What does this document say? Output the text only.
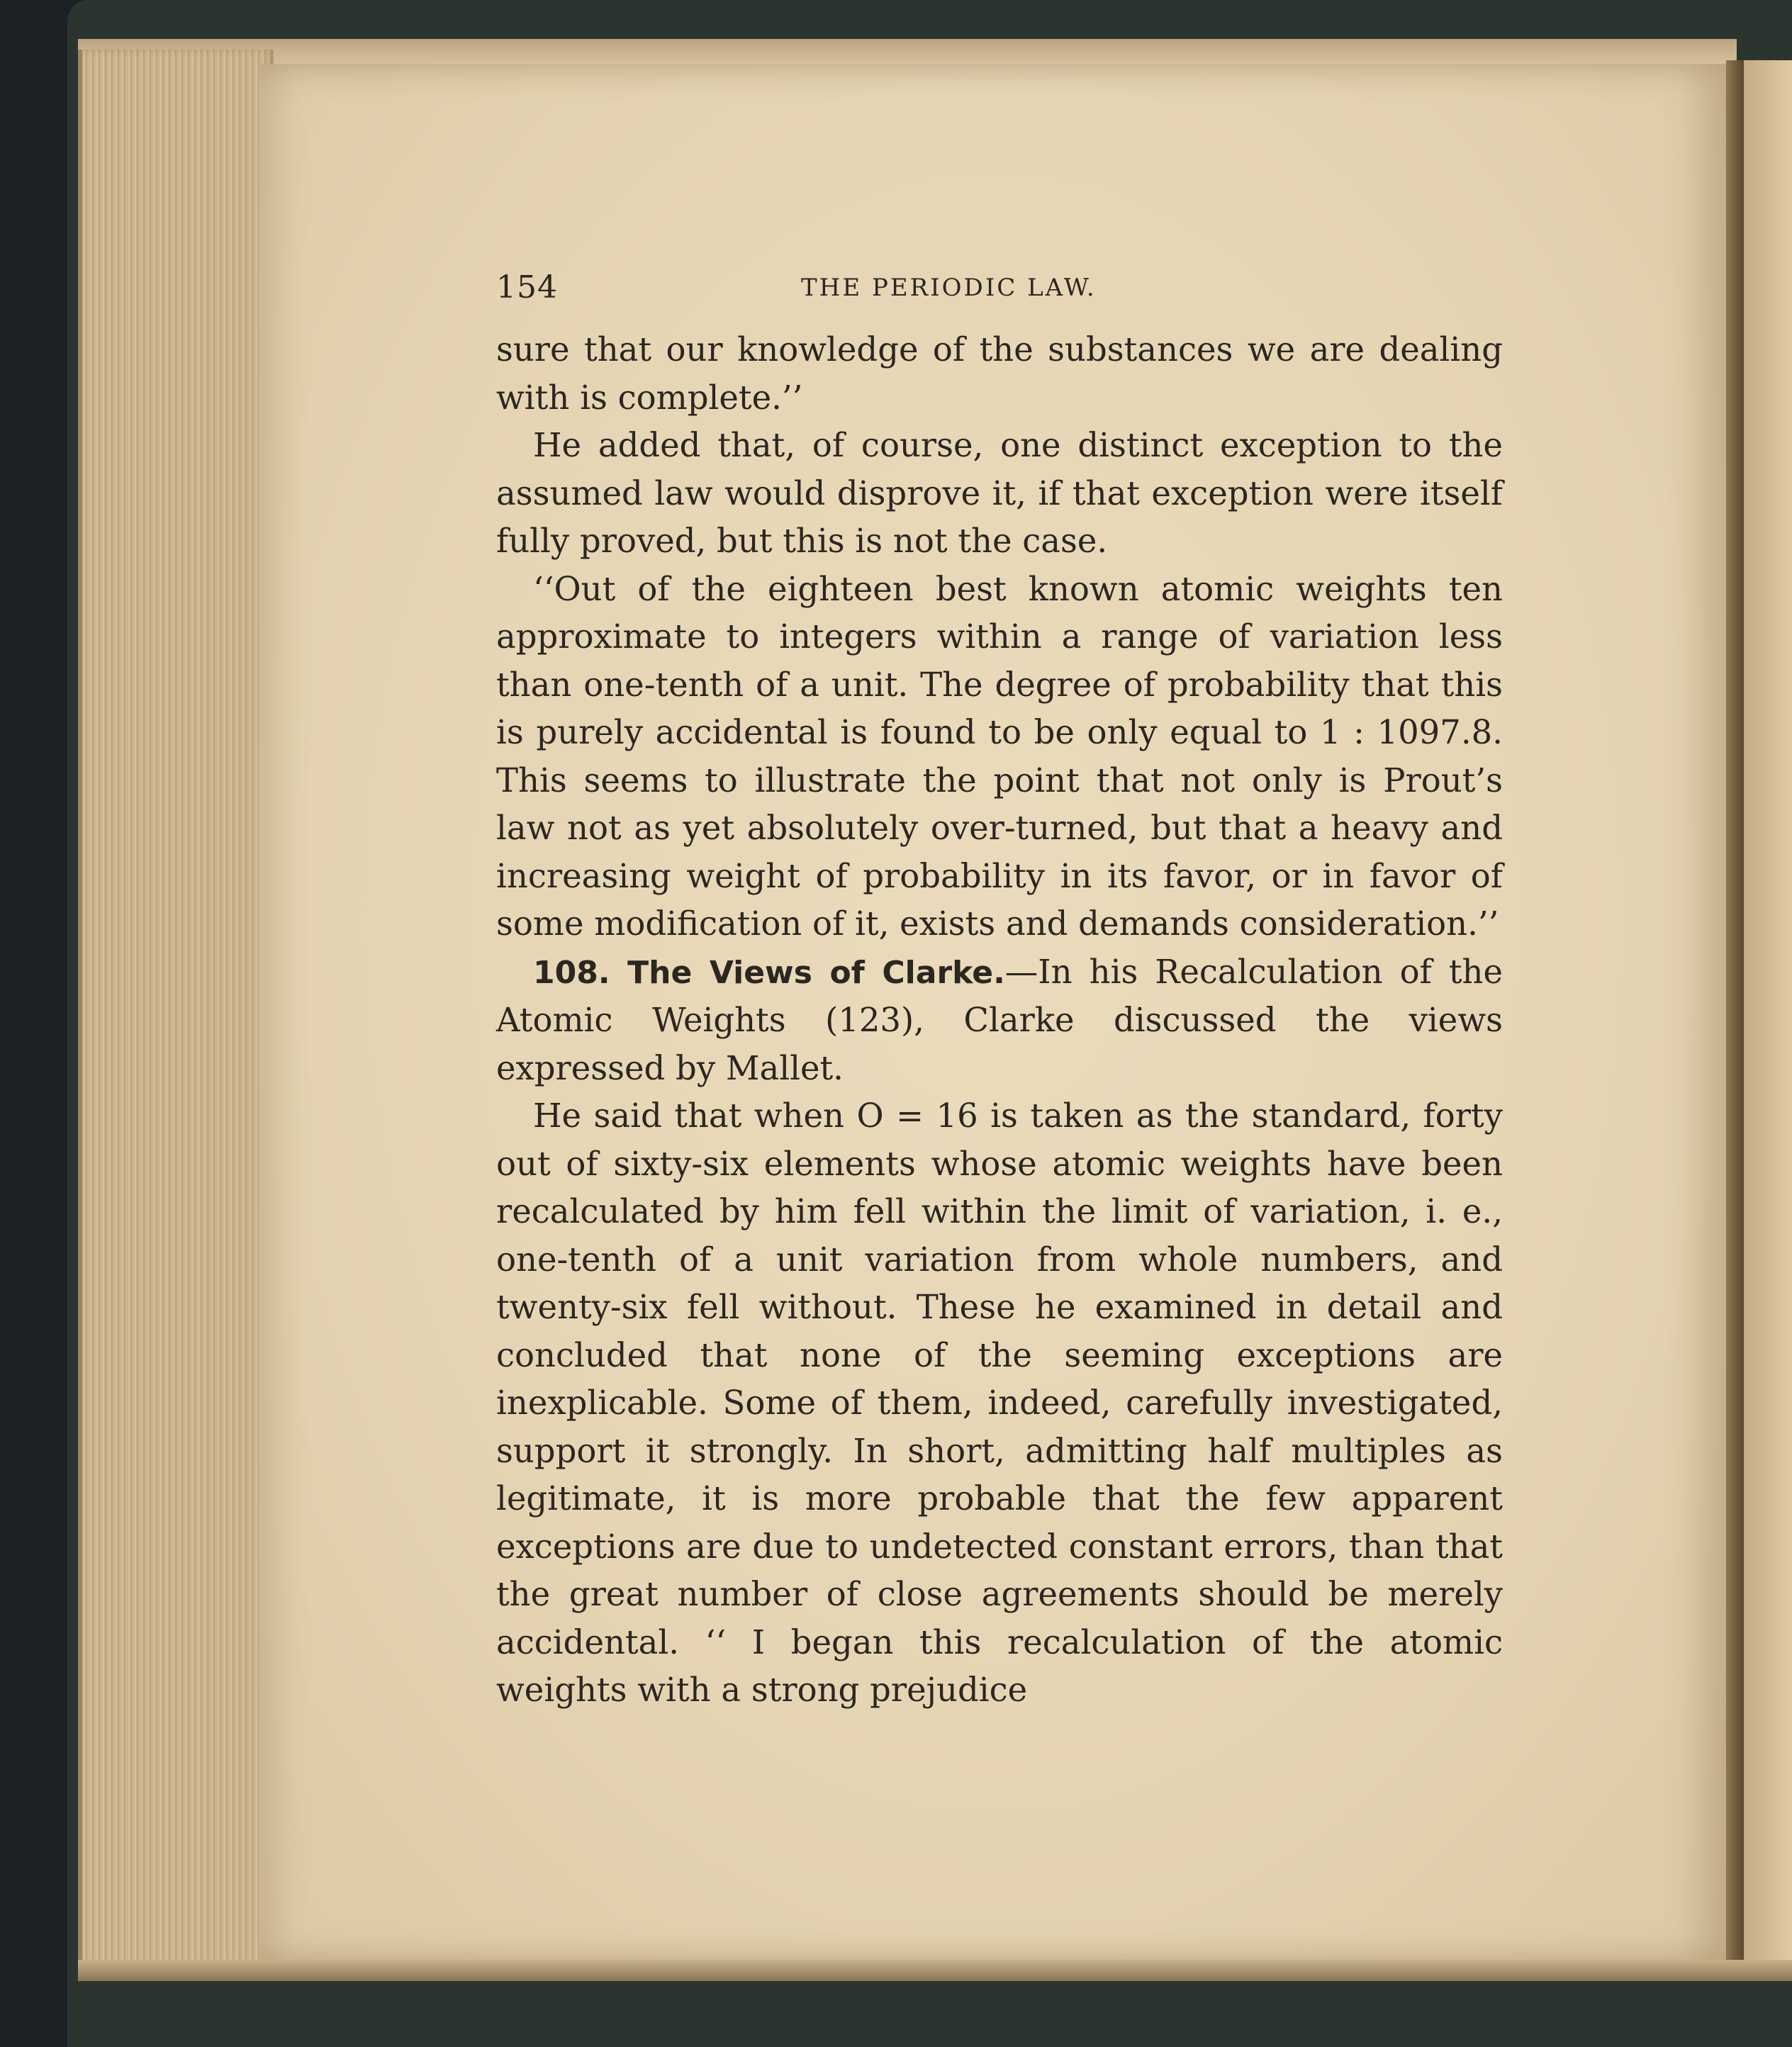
154	THE PERIODIC LAW.

sure that our knowledge of the substances we are dealing with is complete.’’

He added that, of course, one distinct exception to the assumed law would disprove it, if that exception were itself fully proved, but this is not the case.

‘‘Out of the eighteen best known atomic weights ten approximate to integers within a range of variation less than one-tenth of a unit. The degree of probability that this is purely accidental is found to be only equal to 1 : 1097.8. This seems to illustrate the point that not only is Prout’s law not as yet absolutely over-turned, but that a heavy and increasing weight of probability in its favor, or in favor of some modification of it, exists and demands consideration.’’

108. The Views of Clarke.—In his Recalculation of the Atomic Weights (123), Clarke discussed the views expressed by Mallet.

He said that when O = 16 is taken as the standard, forty out of sixty-six elements whose atomic weights have been recalculated by him fell within the limit of variation, i. e., one-tenth of a unit variation from whole numbers, and twenty-six fell without. These he examined in detail and concluded that none of the seeming exceptions are inexplicable. Some of them, indeed, carefully investigated, support it strongly. In short, admitting half multiples as legitimate, it is more probable that the few apparent exceptions are due to undetected constant errors, than that the great number of close agreements should be merely accidental. ‘‘ I began this recalculation of the atomic weights with a strong prejudice
